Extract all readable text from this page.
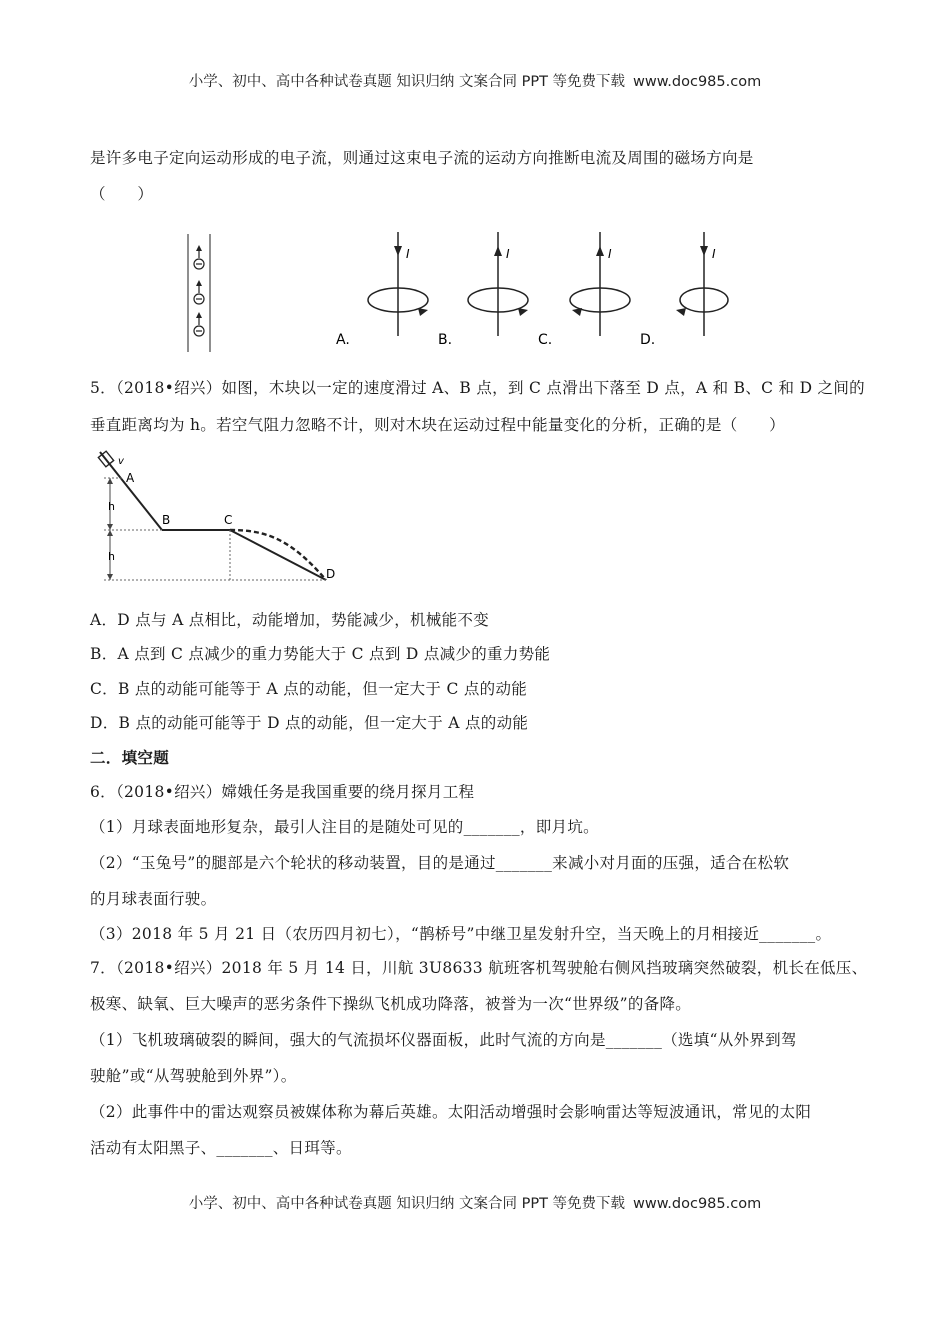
小学、初中、高中各种试卷真题 知识归纳 文案合同 PPT 等免费下载 www.doc985.com
是许多电子定向运动形成的电子流，则通过这束电子流的运动方向推断电流及周围的磁场方向是
（　　）
I
A.
I
B.
I
C.
I
D.
5．（2018•绍兴）如图，木块以一定的速度滑过 A、B 点，到 C 点滑出下落至 D 点，A 和 B、C 和 D 之间的
垂直距离均为 h。若空气阻力忽略不计，则对木块在运动过程中能量变化的分析，正确的是（　　）
v
h
h
A
B	C
D
A．D 点与 A 点相比，动能增加，势能减少，机械能不变
B．A 点到 C 点减少的重力势能大于 C 点到 D 点减少的重力势能
C．B 点的动能可能等于 A 点的动能，但一定大于 C 点的动能
D．B 点的动能可能等于 D 点的动能，但一定大于 A 点的动能
二．填空题
6．（2018•绍兴）嫦娥任务是我国重要的绕月探月工程
（1）月球表面地形复杂，最引人注目的是随处可见的_______，即月坑。
（2）“玉兔号”的腿部是六个轮状的移动装置，目的是通过_______来减小对月面的压强，适合在松软
的月球表面行驶。
（3）2018 年 5 月 21 日（农历四月初七），“鹊桥号”中继卫星发射升空，当天晚上的月相接近_______。
7．（2018•绍兴）2018 年 5 月 14 日，川航 3U8633 航班客机驾驶舱右侧风挡玻璃突然破裂，机长在低压、
极寒、缺氧、巨大噪声的恶劣条件下操纵飞机成功降落，被誉为一次“世界级”的备降。
（1）飞机玻璃破裂的瞬间，强大的气流损坏仪器面板，此时气流的方向是_______（选填“从外界到驾
驶舱”或“从驾驶舱到外界”）。
（2）此事件中的雷达观察员被媒体称为幕后英雄。太阳活动增强时会影响雷达等短波通讯，常见的太阳
活动有太阳黑子、_______、日珥等。
小学、初中、高中各种试卷真题 知识归纳 文案合同 PPT 等免费下载 www.doc985.com
